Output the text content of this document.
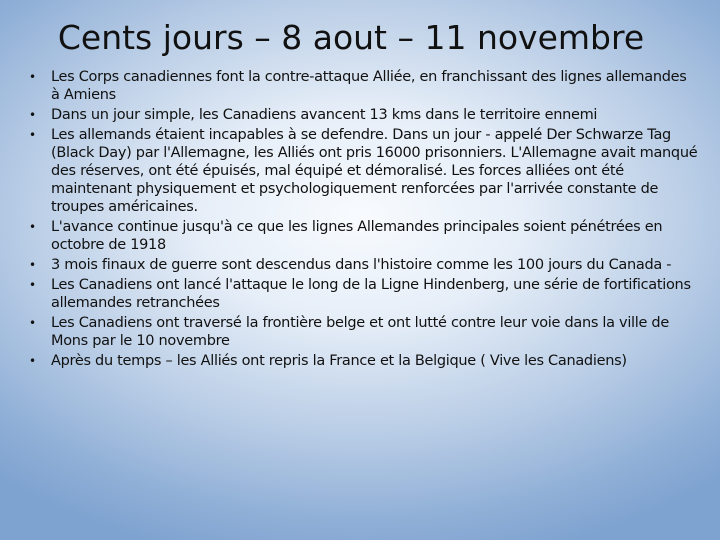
Cents jours – 8 aout – 11 novembre
• Les Corps canadiennes font la contre-attaque Alliée, en franchissant des lignes allemandes à Amiens
• Dans un jour simple, les Canadiens avancent 13 kms dans le territoire ennemi
• Les allemands étaient incapables à se defendre. Dans un jour - appelé Der Schwarze Tag (Black Day) par l'Allemagne, les Alliés ont pris 16000 prisonniers. L'Allemagne avait manqué des réserves, ont été épuisés, mal équipé et démoralisé. Les forces alliées ont été maintenant physiquement et psychologiquement renforcées par l'arrivée constante de troupes américaines.
• L'avance continue jusqu'à ce que les lignes Allemandes principales soient pénétrées en octobre de 1918
• 3 mois finaux de guerre sont descendus dans l'histoire comme les 100 jours du Canada -
• Les Canadiens ont lancé l'attaque le long de la Ligne Hindenberg, une série de fortifications allemandes retranchées
• Les Canadiens ont traversé la frontière belge et ont lutté contre leur voie dans la ville de Mons par le 10 novembre
• Après du temps – les Alliés ont repris la France et la Belgique ( Vive les Canadiens)
